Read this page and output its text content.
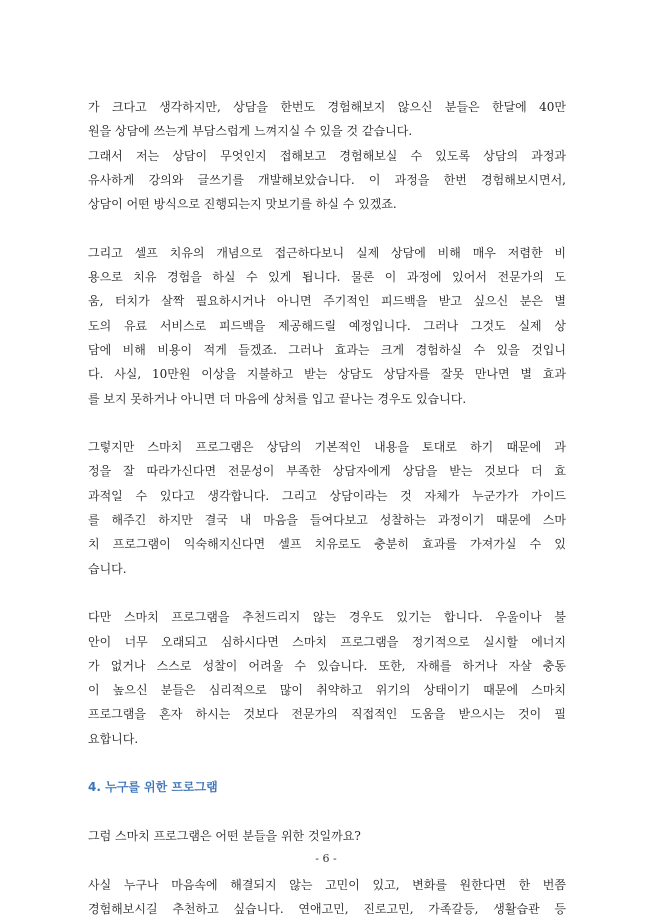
가 크다고 생각하지만, 상담을 한번도 경험해보지 않으신 분들은 한달에 40만
원을 상담에 쓰는게 부담스럽게 느껴지실 수 있을 것 같습니다.
그래서 저는 상담이 무엇인지 접해보고 경험해보실 수 있도록 상담의 과정과
유사하게 강의와 글쓰기를 개발해보았습니다. 이 과정을 한번 경험해보시면서,
상담이 어떤 방식으로 진행되는지 맛보기를 하실 수 있겠죠.
그리고 셀프 치유의 개념으로 접근하다보니 실제 상담에 비해 매우 저렴한 비
용으로 치유 경험을 하실 수 있게 됩니다. 물론 이 과정에 있어서 전문가의 도
움, 터치가 살짝 필요하시거나 아니면 주기적인 피드백을 받고 싶으신 분은 별
도의 유료 서비스로 피드백을 제공해드릴 예정입니다. 그러나 그것도 실제 상
담에 비해 비용이 적게 들겠죠. 그러나 효과는 크게 경험하실 수 있을 것입니
다. 사실, 10만원 이상을 지불하고 받는 상담도 상담자를 잘못 만나면 별 효과
를 보지 못하거나 아니면 더 마음에 상처를 입고 끝나는 경우도 있습니다.
그렇지만 스마치 프로그램은 상담의 기본적인 내용을 토대로 하기 때문에 과
정을 잘 따라가신다면 전문성이 부족한 상담자에게 상담을 받는 것보다 더 효
과적일 수 있다고 생각합니다. 그리고 상담이라는 것 자체가 누군가가 가이드
를 해주긴 하지만 결국 내 마음을 들여다보고 성찰하는 과정이기 때문에 스마
치 프로그램이 익숙해지신다면 셀프 치유로도 충분히 효과를 가져가실 수 있
습니다.
다만 스마치 프로그램을 추천드리지 않는 경우도 있기는 합니다. 우울이나 불
안이 너무 오래되고 심하시다면 스마치 프로그램을 정기적으로 실시할 에너지
가 없거나 스스로 성찰이 어려울 수 있습니다. 또한, 자해를 하거나 자살 충동
이 높으신 분들은 심리적으로 많이 취약하고 위기의 상태이기 때문에 스마치
프로그램을 혼자 하시는 것보다 전문가의 직접적인 도움을 받으시는 것이 필
요합니다.
4. 누구를 위한 프로그램
그럼 스마치 프로그램은 어떤 분들을 위한 것일까요?
사실 누구나 마음속에 해결되지 않는 고민이 있고, 변화를 원한다면 한 번쯤
경험해보시길 추천하고 싶습니다. 연애고민, 진로고민, 가족갈등, 생활습관 등
- 6 -
